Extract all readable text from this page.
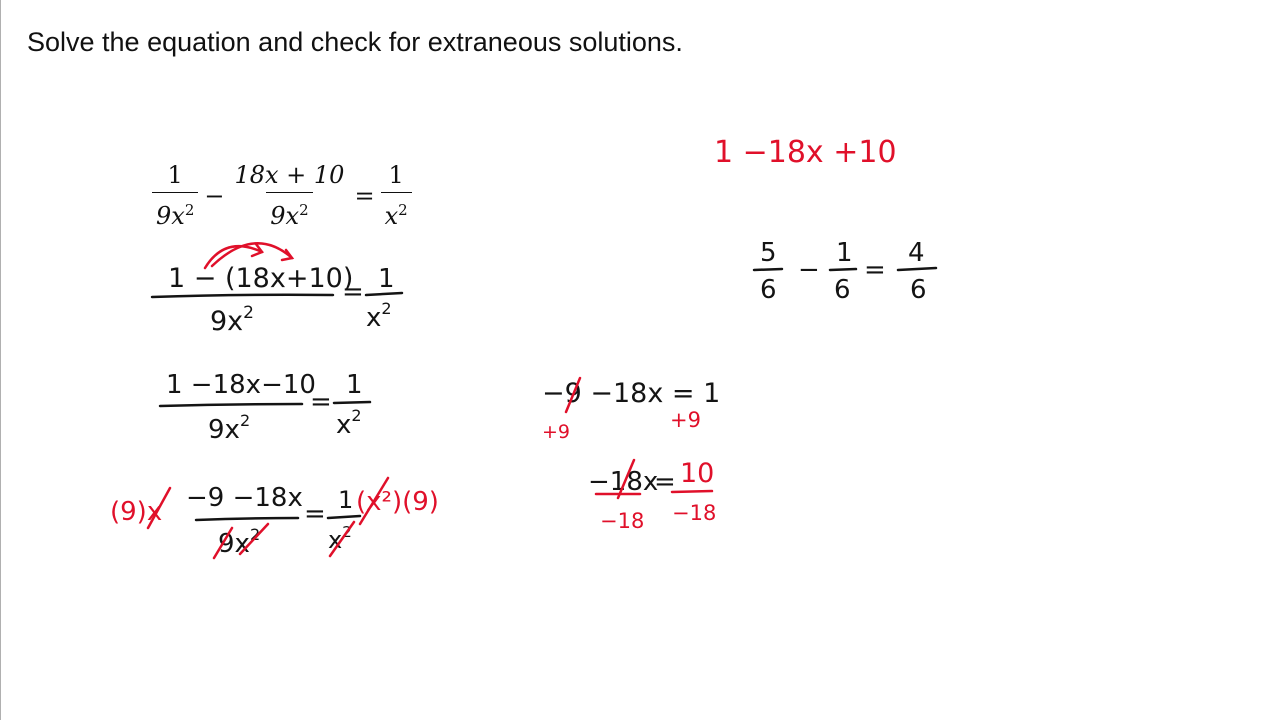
Solve the equation and check for extraneous solutions.
$\frac{1}{9x^2} - \frac{18x + 10}{9x^2} = \frac{1}{x^2}$
1 − (18x+10)
$9x^2$
= 1
$x^2$
1 −18x−10
$9x^2$
=
1
$x^2$
−9 −18x
$9x^2$
= 1
$x^2$
−9 −18x = 1
−18x
=
5
6
−
1
6
=
4
6
1 −18x +10
(9)x	(x²)(9)
+9	+9
10
−18 −18
